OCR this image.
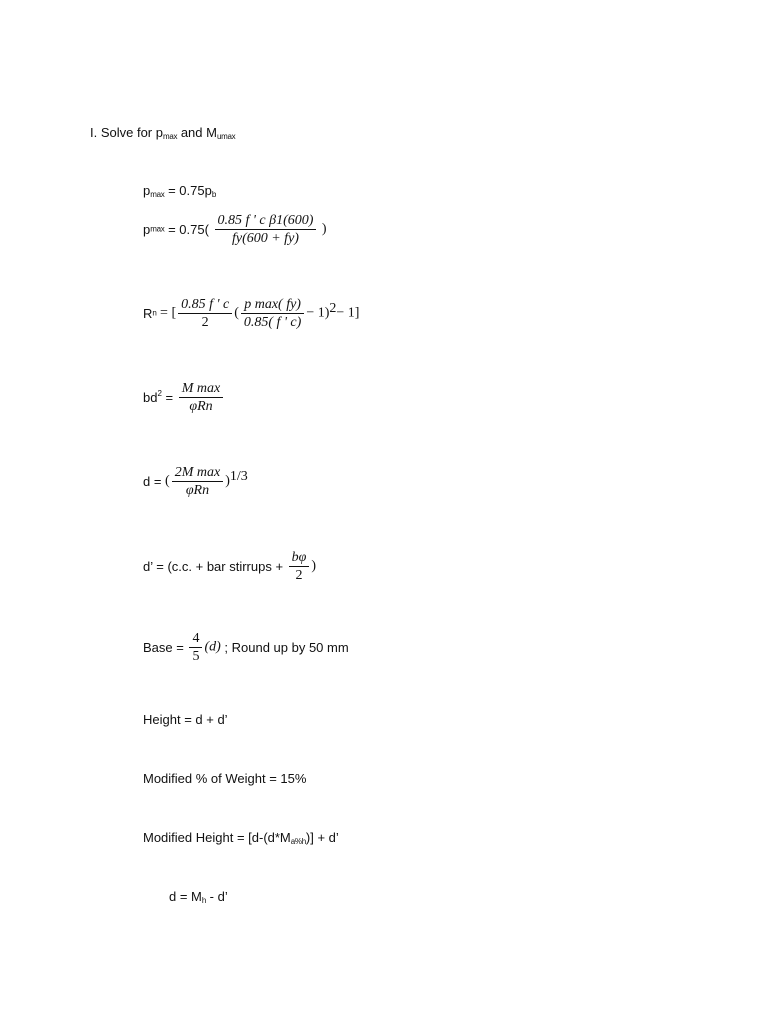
I. Solve for $p_{max}$ and $M_{umax}$
$p_{max} = 0.75p_b$
$pmax = 0.75( \frac{\text{0.85 f ' c β1(600)}}{fy(600 + fy)}$ )
Rn = [ $\frac{0.85 f ' c}{2}$ ( $\frac{\text{p max( fy)}}{0.85( f ' c)} - 1)2- 1$]
$bd^2 = \frac{\text{M max}}{\text{φRn}}$
d = ( $\frac{\text{2M max}}{\text{φRn}} )1/3$
d’ = (c.c. + bar stirrups + $\frac{b\varphi}{2}$ )
Base = $\frac{4}{5} (d)$ ; Round up by 50 mm
Height = d + d’
Modified % of Weight = 15%
Modified Height = $[d-(d*M_{a\%h})] + d$’
$d = M_h - d$’
